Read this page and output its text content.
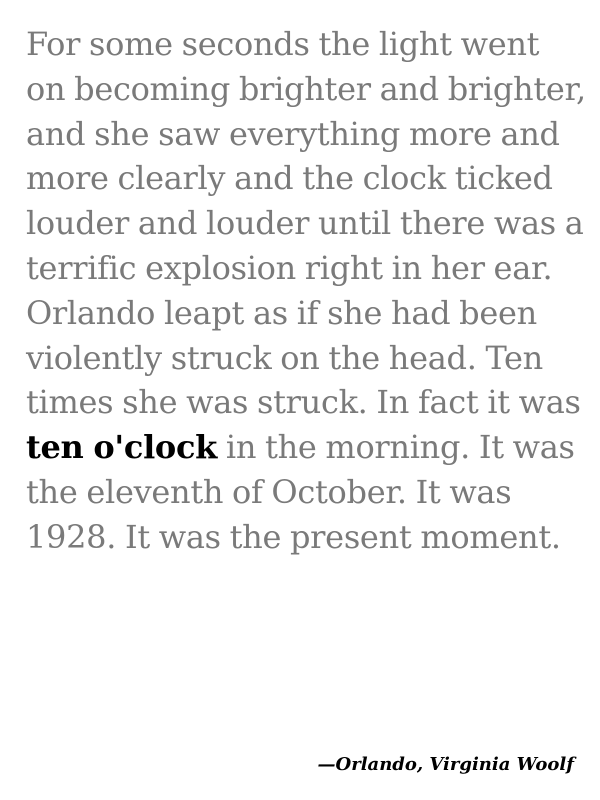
For some seconds the light went on becoming brighter and brighter, and she saw everything more and more clearly and the clock ticked louder and louder until there was a terrific explosion right in her ear. Orlando leapt as if she had been violently struck on the head. Ten times she was struck. In fact it was ten o'clock in the morning. It was the eleventh of October. It was 1928. It was the present moment.

—Orlando, Virginia Woolf
